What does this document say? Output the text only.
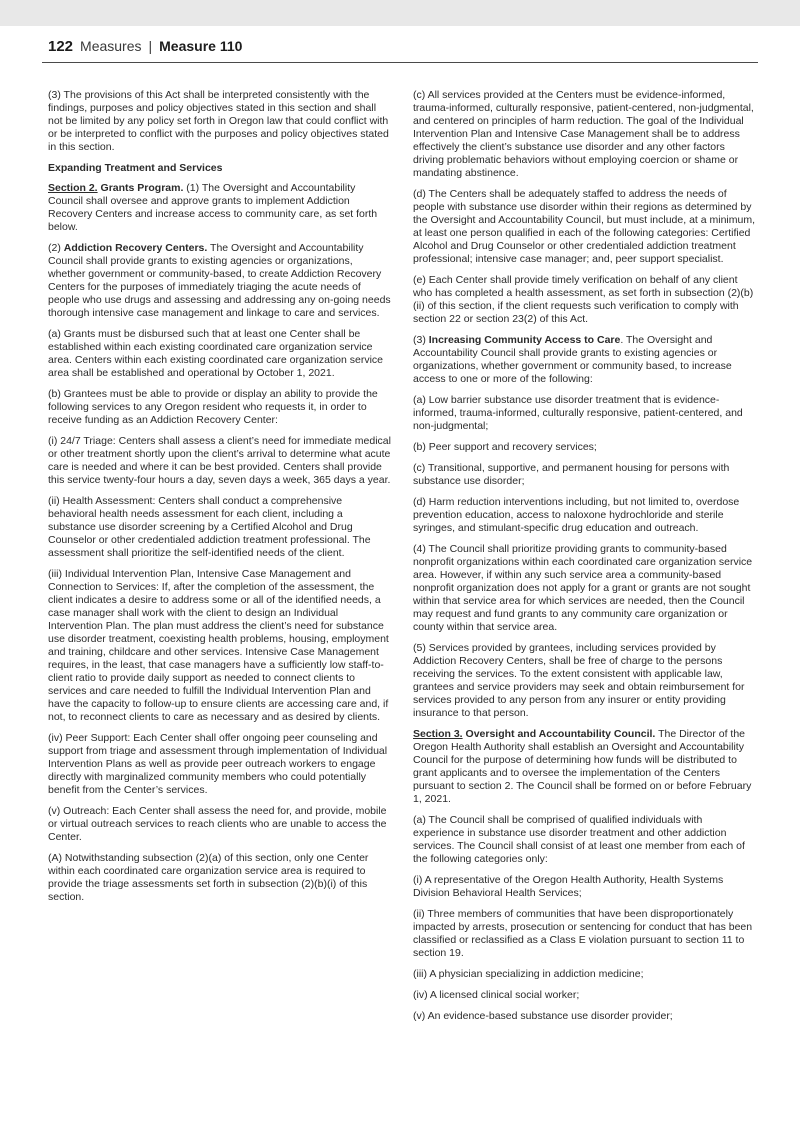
122 Measures | Measure 110

(3) The provisions of this Act shall be interpreted consistently with the findings, purposes and policy objectives stated in this section and shall not be limited by any policy set forth in Oregon law that could conflict with or be interpreted to conflict with the purposes and policy objectives stated in this section.

Expanding Treatment and Services

Section 2. Grants Program. (1) The Oversight and Accountability Council shall oversee and approve grants to implement Addiction Recovery Centers and increase access to community care, as set forth below.

(2) Addiction Recovery Centers. The Oversight and Accountability Council shall provide grants to existing agencies or organizations, whether government or community-based, to create Addiction Recovery Centers for the purposes of immediately triaging the acute needs of people who use drugs and assessing and addressing any on-going needs thorough intensive case management and linkage to care and services.

(a) Grants must be disbursed such that at least one Center shall be established within each existing coordinated care organization service area. Centers within each existing coordinated care organization service area shall be established and operational by October 1, 2021.

(b) Grantees must be able to provide or display an ability to provide the following services to any Oregon resident who requests it, in order to receive funding as an Addiction Recovery Center:

(i) 24/7 Triage: Centers shall assess a client’s need for immediate medical or other treatment shortly upon the client’s arrival to determine what acute care is needed and where it can be best provided. Centers shall provide this service twenty-four hours a day, seven days a week, 365 days a year.

(ii) Health Assessment: Centers shall conduct a comprehensive behavioral health needs assessment for each client, including a substance use disorder screening by a Certified Alcohol and Drug Counselor or other credentialed addiction treatment professional. The assessment shall prioritize the self-identified needs of the client.

(iii) Individual Intervention Plan, Intensive Case Management and Connection to Services: If, after the completion of the assessment, the client indicates a desire to address some or all of the identified needs, a case manager shall work with the client to design an Individual Intervention Plan. The plan must address the client’s need for substance use disorder treatment, coexisting health problems, housing, employment and training, childcare and other services. Intensive Case Management requires, in the least, that case managers have a sufficiently low staff-to-client ratio to provide daily support as needed to connect clients to services and care needed to fulfill the Individual Intervention Plan and have the capacity to follow-up to ensure clients are accessing care and, if not, to reconnect clients to care as necessary and as desired by clients.

(iv) Peer Support: Each Center shall offer ongoing peer counseling and support from triage and assessment through implementation of Individual Intervention Plans as well as provide peer outreach workers to engage directly with marginalized community members who could potentially benefit from the Center’s services.

(v) Outreach: Each Center shall assess the need for, and provide, mobile or virtual outreach services to reach clients who are unable to access the Center.

(A) Notwithstanding subsection (2)(a) of this section, only one Center within each coordinated care organization service area is required to provide the triage assessments set forth in subsection (2)(b)(i) of this section.

(c) All services provided at the Centers must be evidence-informed, trauma-informed, culturally responsive, patient-centered, non-judgmental, and centered on principles of harm reduction. The goal of the Individual Intervention Plan and Intensive Case Management shall be to address effectively the client’s substance use disorder and any other factors driving problematic behaviors without employing coercion or shame or mandating abstinence.

(d) The Centers shall be adequately staffed to address the needs of people with substance use disorder within their regions as determined by the Oversight and Accountability Council, but must include, at a minimum, at least one person qualified in each of the following categories: Certified Alcohol and Drug Counselor or other credentialed addiction treatment professional; intensive case manager; and, peer support specialist.

(e) Each Center shall provide timely verification on behalf of any client who has completed a health assessment, as set forth in subsection (2)(b)(ii) of this section, if the client requests such verification to comply with section 22 or section 23(2) of this Act.

(3) Increasing Community Access to Care. The Oversight and Accountability Council shall provide grants to existing agencies or organizations, whether government or community based, to increase access to one or more of the following:

(a) Low barrier substance use disorder treatment that is evidence-informed, trauma-informed, culturally responsive, patient-centered, and non-judgmental;

(b) Peer support and recovery services;

(c) Transitional, supportive, and permanent housing for persons with substance use disorder;

(d) Harm reduction interventions including, but not limited to, overdose prevention education, access to naloxone hydrochloride and sterile syringes, and stimulant-specific drug education and outreach.

(4) The Council shall prioritize providing grants to community-based nonprofit organizations within each coordinated care organization service area. However, if within any such service area a community-based nonprofit organization does not apply for a grant or grants are not sought within that service area for which services are needed, then the Council may request and fund grants to any community care organization or county within that service area.

(5) Services provided by grantees, including services provided by Addiction Recovery Centers, shall be free of charge to the persons receiving the services. To the extent consistent with applicable law, grantees and service providers may seek and obtain reimbursement for services provided to any person from any insurer or entity providing insurance to that person.

Section 3. Oversight and Accountability Council. The Director of the Oregon Health Authority shall establish an Oversight and Accountability Council for the purpose of determining how funds will be distributed to grant applicants and to oversee the implementation of the Centers pursuant to section 2. The Council shall be formed on or before February 1, 2021.

(a) The Council shall be comprised of qualified individuals with experience in substance use disorder treatment and other addiction services. The Council shall consist of at least one member from each of the following categories only:

(i) A representative of the Oregon Health Authority, Health Systems Division Behavioral Health Services;

(ii) Three members of communities that have been disproportionately impacted by arrests, prosecution or sentencing for conduct that has been classified or reclassified as a Class E violation pursuant to section 11 to section 19.

(iii) A physician specializing in addiction medicine;

(iv) A licensed clinical social worker;

(v) An evidence-based substance use disorder provider;
